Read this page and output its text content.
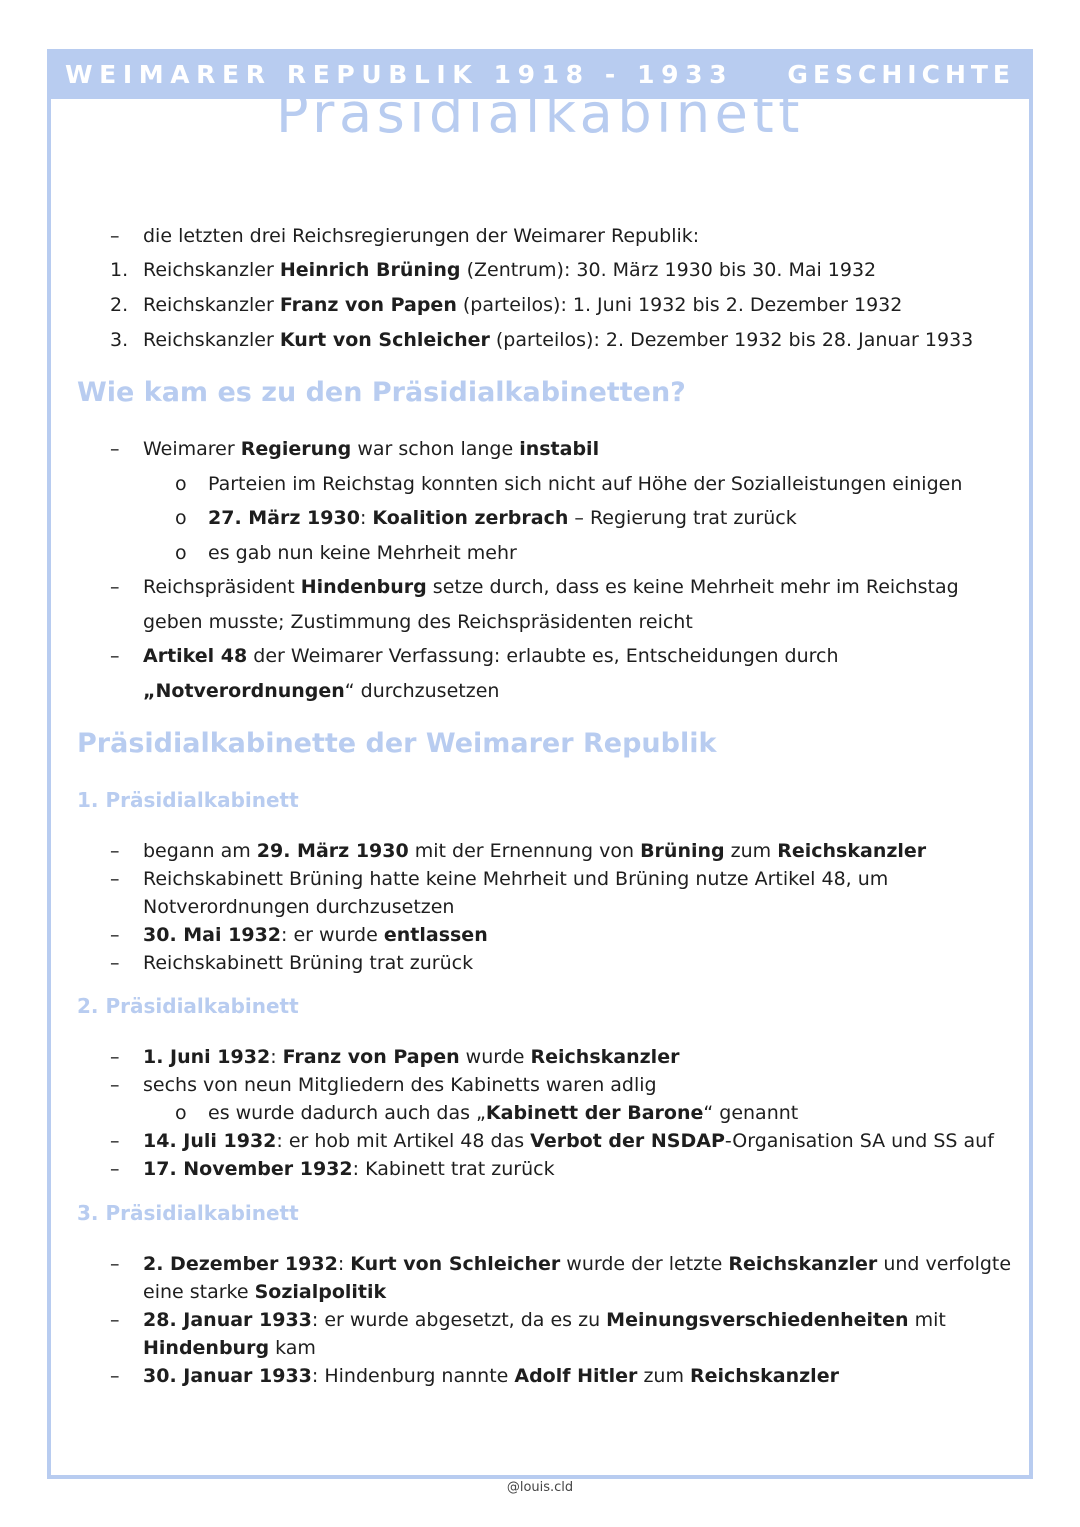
WEIMARER REPUBLIK 1918 - 1933 GESCHICHTE
Präsidialkabinett
– die letzten drei Reichsregierungen der Weimarer Republik:
1. Reichskanzler Heinrich Brüning (Zentrum): 30. März 1930 bis 30. Mai 1932
2. Reichskanzler Franz von Papen (parteilos): 1. Juni 1932 bis 2. Dezember 1932
3. Reichskanzler Kurt von Schleicher (parteilos): 2. Dezember 1932 bis 28. Januar 1933
Wie kam es zu den Präsidialkabinetten?
– Weimarer Regierung war schon lange instabil
o Parteien im Reichstag konnten sich nicht auf Höhe der Sozialleistungen einigen
o 27. März 1930: Koalition zerbrach – Regierung trat zurück
o es gab nun keine Mehrheit mehr
– Reichspräsident Hindenburg setze durch, dass es keine Mehrheit mehr im Reichstag
geben musste; Zustimmung des Reichspräsidenten reicht
– Artikel 48 der Weimarer Verfassung: erlaubte es, Entscheidungen durch
„Notverordnungen“ durchzusetzen
Präsidialkabinette der Weimarer Republik
1. Präsidialkabinett
– begann am 29. März 1930 mit der Ernennung von Brüning zum Reichskanzler
– Reichskabinett Brüning hatte keine Mehrheit und Brüning nutze Artikel 48, um
Notverordnungen durchzusetzen
– 30. Mai 1932: er wurde entlassen
– Reichskabinett Brüning trat zurück
2. Präsidialkabinett
– 1. Juni 1932: Franz von Papen wurde Reichskanzler
– sechs von neun Mitgliedern des Kabinetts waren adlig
o es wurde dadurch auch das „Kabinett der Barone“ genannt
– 14. Juli 1932: er hob mit Artikel 48 das Verbot der NSDAP-Organisation SA und SS auf
– 17. November 1932: Kabinett trat zurück
3. Präsidialkabinett
– 2. Dezember 1932: Kurt von Schleicher wurde der letzte Reichskanzler und verfolgte
eine starke Sozialpolitik
– 28. Januar 1933: er wurde abgesetzt, da es zu Meinungsverschiedenheiten mit
Hindenburg kam
– 30. Januar 1933: Hindenburg nannte Adolf Hitler zum Reichskanzler
@louis.cld
